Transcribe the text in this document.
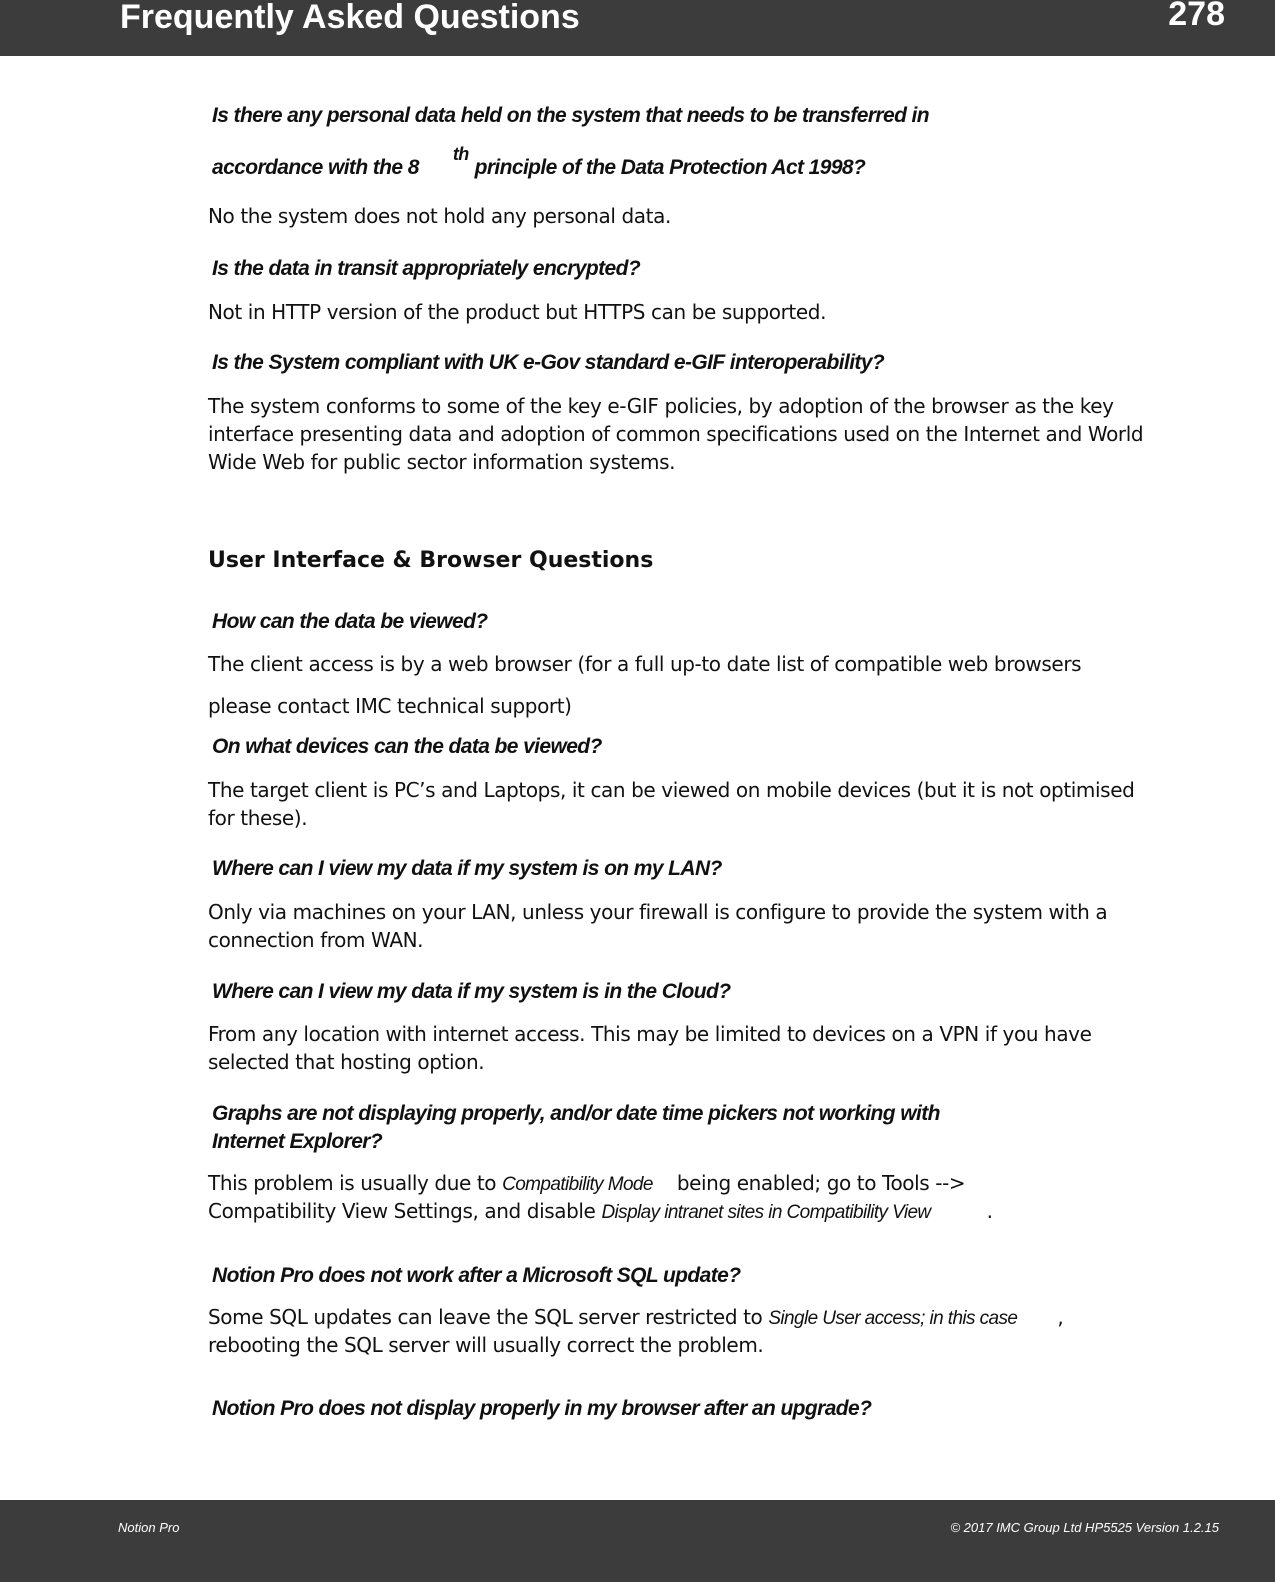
Frequently Asked Questions	278
Is there any personal data held on the system that needs to be transferred in
accordance with the 8thprinciple of the Data Protection Act 1998?
No the system does not hold any personal data.
Is the data in transit appropriately encrypted?
Not in HTTP version of the product but HTTPS can be supported.
Is the System compliant with UK e-Gov standard e-GIF interoperability?
The system conforms to some of the key e-GIF policies, by adoption of the browser as the key interface presenting data and adoption of common specifications used on the Internet and World Wide Web for public sector information systems.
User Interface & Browser Questions
How can the data be viewed?
The client access is by a web browser (for a full up-to date list of compatible web browsers
please contact IMC technical support)
On what devices can the data be viewed?
The target client is PC’s and Laptops, it can be viewed on mobile devices (but it is not optimised for these).
Where can I view my data if my system is on my LAN?
Only via machines on your LAN, unless your firewall is configure to provide the system with a connection from WAN.
Where can I view my data if my system is in the Cloud?
From any location with internet access. This may be limited to devices on a VPN if you have selected that hosting option.
Graphs are not displaying properly, and/or date time pickers not working with
Internet Explorer?
This problem is usually due to Compatibility Mode being enabled; go to Tools -->
Compatibility View Settings, and disable Display intranet sites in Compatibility View	.
Notion Pro does not work after a Microsoft SQL update?
Some SQL updates can leave the SQL server restricted to Single User access; in this case ,
rebooting the SQL server will usually correct the problem.
Notion Pro does not display properly in my browser after an upgrade?
Notion Pro	© 2017 IMC Group Ltd HP5525 Version 1.2.15
